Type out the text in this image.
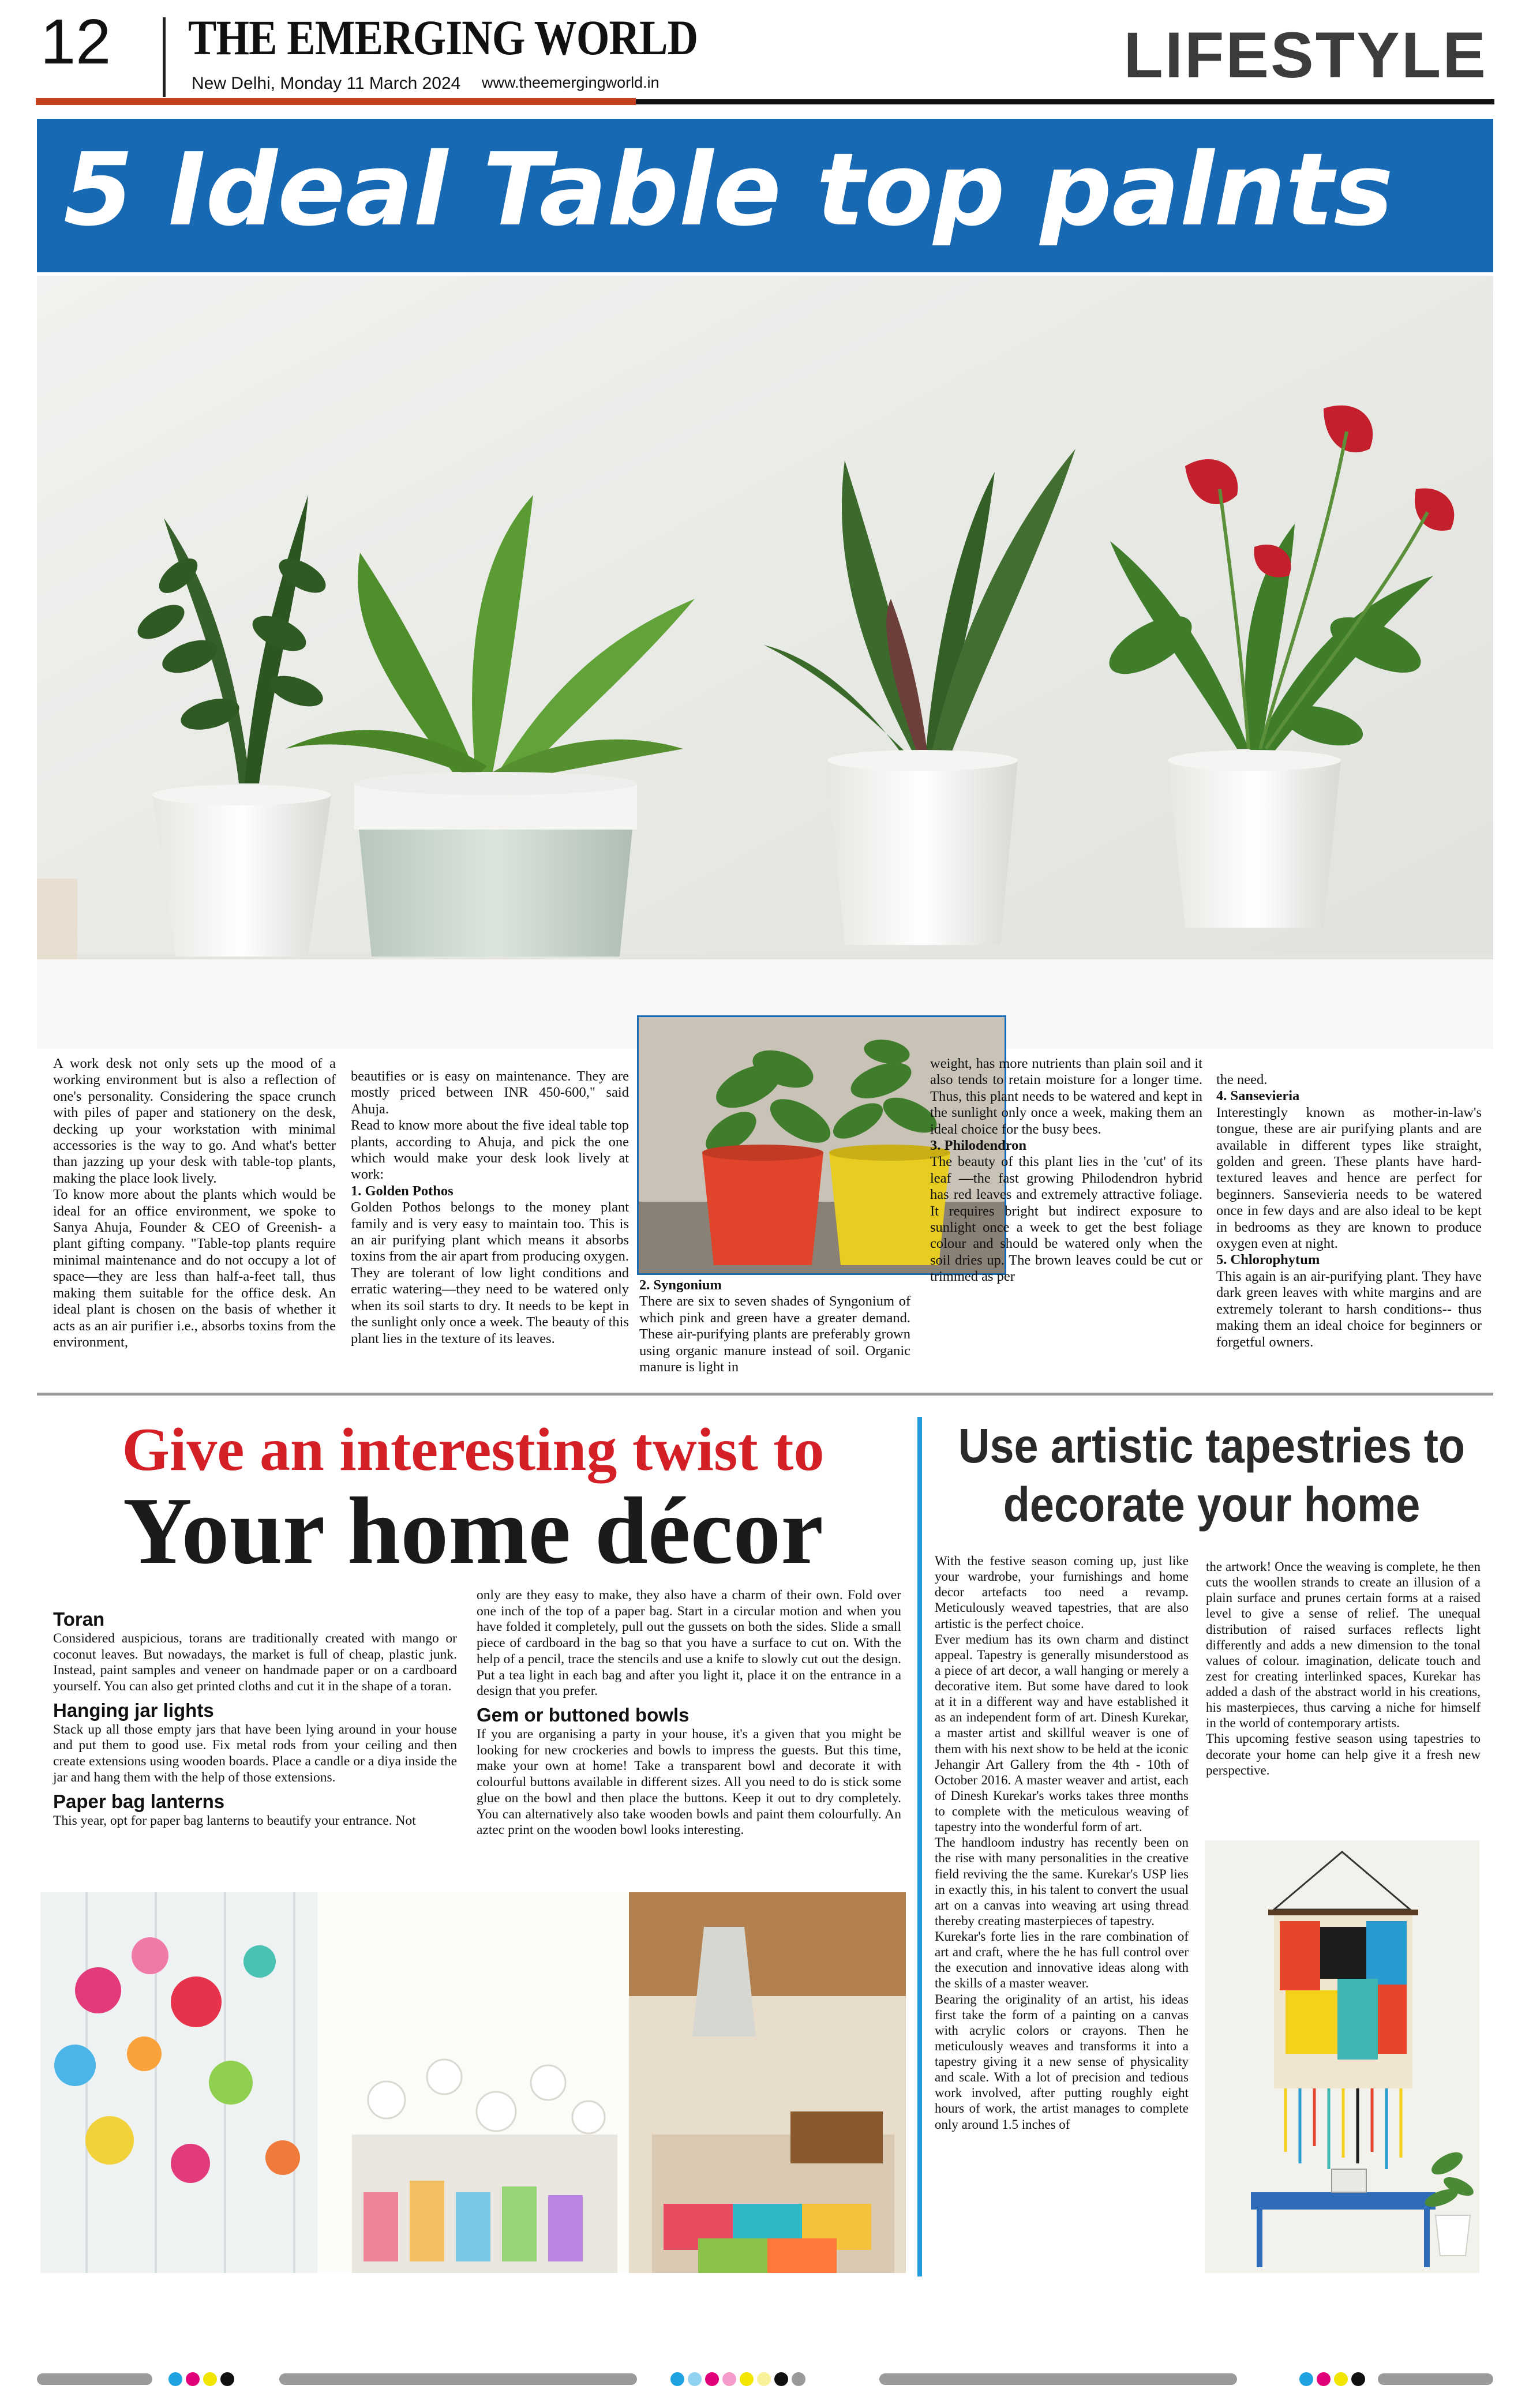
12 THE EMERGING WORLD
New Delhi, Monday 11 March 2024 www.theemergingworld.in	LIFESTYLE
5 Ideal Table top palnts

A work desk not only sets up the mood of a working environment but is also a reflection of one's personality. Considering the space crunch with piles of paper and stationery on the desk, decking up your workstation with minimal accessories is the way to go. And what's better than jazzing up your desk with table-top plants, making the place look lively.

To know more about the plants which would be ideal for an office environment, we spoke to Sanya Ahuja, Founder & CEO of Greenish- a plant gifting company. "Table-top plants require minimal maintenance and do not occupy a lot of space—they are less than half-a-feet tall, thus making them suitable for the office desk. An ideal plant is chosen on the basis of whether it acts as an air purifier i.e., absorbs toxins from the environment,

beautifies or is easy on maintenance. They are mostly priced between INR 450-600," said Ahuja.

Read to know more about the five ideal table top plants, according to Ahuja, and pick the one which would make your desk look lively at work:

1. Golden Pothos

Golden Pothos belongs to the money plant family and is very easy to maintain too. This is an air purifying plant which means it absorbs toxins from the air apart from producing oxygen. They are tolerant of low light conditions and erratic watering—they need to be watered only when its soil starts to dry. It needs to be kept in the sunlight only once a week. The beauty of this plant lies in the texture of its leaves.

2. Syngonium

There are six to seven shades of Syngonium of which pink and green have a greater demand. These air-purifying plants are preferably grown using organic manure instead of soil. Organic manure is light in

weight, has more nutrients than plain soil and it also tends to retain moisture for a longer time. Thus, this plant needs to be watered and kept in the sunlight only once a week, making them an ideal choice for the busy bees.

3. Philodendron

The beauty of this plant lies in the 'cut' of its leaf —the fast growing Philodendron hybrid has red leaves and extremely attractive foliage. It requires bright but indirect exposure to sunlight once a week to get the best foliage colour and should be watered only when the soil dries up. The brown leaves could be cut or trimmed as per

the need.

4. Sansevieria

Interestingly known as mother-in-law's tongue, these are air purifying plants and are available in different types like straight, golden and green. These plants have hard-textured leaves and hence are perfect for beginners. Sansevieria needs to be watered once in few days and are also ideal to be kept in bedrooms as they are known to produce oxygen even at night.

5. Chlorophytum

This again is an air-purifying plant. They have dark green leaves with white margins and are extremely tolerant to harsh conditions-- thus making them an ideal choice for beginners or forgetful owners.

Give an interesting twist to
Your home décor
Toran

Considered auspicious, torans are traditionally created with mango or coconut leaves. But nowadays, the market is full of cheap, plastic junk. Instead, paint samples and veneer on handmade paper or on a cardboard yourself. You can also get printed cloths and cut it in the shape of a toran.

Hanging jar lights

Stack up all those empty jars that have been lying around in your house and put them to good use. Fix metal rods from your ceiling and then create extensions using wooden boards. Place a candle or a diya inside the jar and hang them with the help of those extensions.

Paper bag lanterns

This year, opt for paper bag lanterns to beautify your entrance. Not

only are they easy to make, they also have a charm of their own. Fold over one inch of the top of a paper bag. Start in a circular motion and when you have folded it completely, pull out the gussets on both the sides. Slide a small piece of cardboard in the bag so that you have a surface to cut on. With the help of a pencil, trace the stencils and use a knife to slowly cut out the design. Put a tea light in each bag and after you light it, place it on the entrance in a design that you prefer.

Gem or buttoned bowls

If you are organising a party in your house, it's a given that you might be looking for new crockeries and bowls to impress the guests. But this time, make your own at home! Take a transparent bowl and decorate it with colourful buttons available in different sizes. All you need to do is stick some glue on the bowl and then place the buttons. Keep it out to dry completely. You can alternatively also take wooden bowls and paint them colourfully. An aztec print on the wooden bowl looks interesting.

Use artistic tapestries to decorate your home

With the festive season coming up, just like your wardrobe, your furnishings and home decor artefacts too need a revamp. Meticulously weaved tapestries, that are also artistic is the perfect choice.

Ever medium has its own charm and distinct appeal. Tapestry is generally misunderstood as a piece of art decor, a wall hanging or merely a decorative item. But some have dared to look at it in a different way and have established it as an independent form of art. Dinesh Kurekar, a master artist and skillful weaver is one of them with his next show to be held at the iconic Jehangir Art Gallery from the 4th - 10th of October 2016. A master weaver and artist, each of Dinesh Kurekar's works takes three months to complete with the meticulous weaving of tapestry into the wonderful form of art.

The handloom industry has recently been on the rise with many personalities in the creative field reviving the the same. Kurekar's USP lies in exactly this, in his talent to convert the usual art on a canvas into weaving art using thread thereby creating masterpieces of tapestry.

Kurekar's forte lies in the rare combination of art and craft, where the he has full control over the execution and innovative ideas along with the skills of a master weaver.

Bearing the originality of an artist, his ideas first take the form of a painting on a canvas with acrylic colors or crayons. Then he meticulously weaves and transforms it into a tapestry giving it a new sense of physicality and scale. With a lot of precision and tedious work involved, after putting roughly eight hours of work, the artist manages to complete only around 1.5 inches of

the artwork! Once the weaving is complete, he then cuts the woollen strands to create an illusion of a plain surface and prunes certain forms at a raised level to give a sense of relief. The unequal distribution of raised surfaces reflects light differently and adds a new dimension to the tonal values of colour. imagination, delicate touch and zest for creating interlinked spaces, Kurekar has added a dash of the abstract world in his creations, his masterpieces, thus carving a niche for himself in the world of contemporary artists.

This upcoming festive season using tapestries to decorate your home can help give it a fresh new perspective.
